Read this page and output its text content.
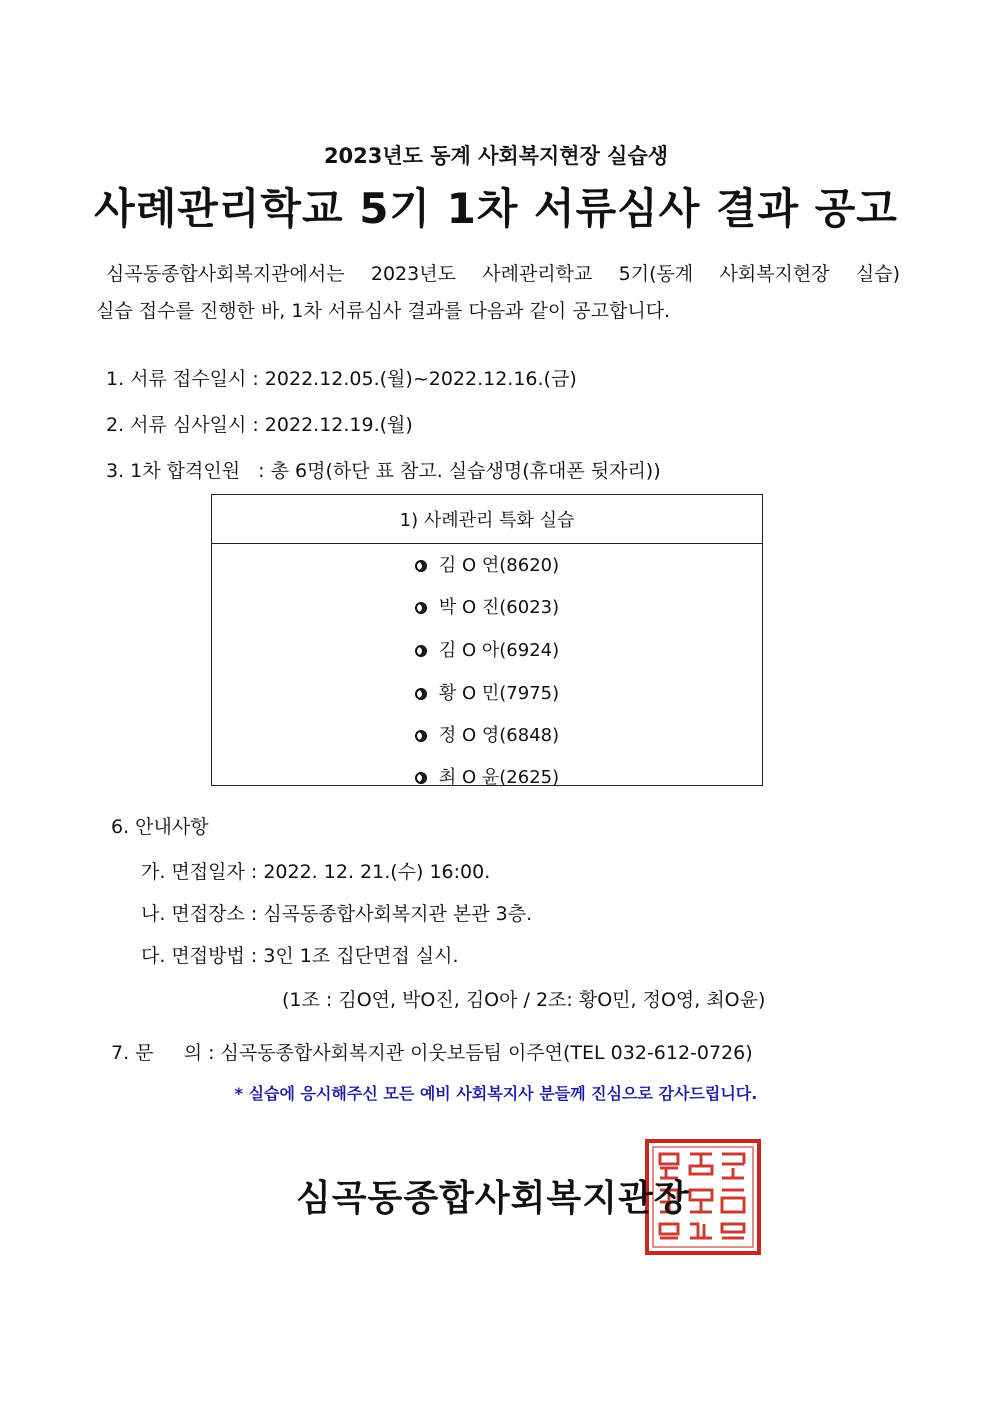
2023년도 동계 사회복지현장 실습생
사례관리학교 5기 1차 서류심사 결과 공고
심곡동종합사회복지관에서는 2023년도 사례관리학교 5기(동계 사회복지현장 실습)
실습 접수를 진행한 바, 1차 서류심사 결과를 다음과 같이 공고합니다.
1. 서류 접수일시 : 2022.12.05.(월)~2022.12.16.(금)
2. 서류 심사일시 : 2022.12.19.(월)
3. 1차 합격인원   : 총 6명(하단 표 참고. 실습생명(휴대폰 뒷자리))
1) 사례관리 특화 실습
김 O 연(8620)
박 O 진(6023)
김 O 아(6924)
황 O 민(7975)
정 O 영(6848)
최 O 윤(2625)
6. 안내사항
가. 면접일자 : 2022. 12. 21.(수) 16:00.
나. 면접장소 : 심곡동종합사회복지관 본관 3층.
다. 면접방법 : 3인 1조 집단면접 실시.
(1조 : 김O연, 박O진, 김O아 / 2조: 황O민, 정O영, 최O윤)
7. 문     의 : 심곡동종합사회복지관 이웃보듬팀 이주연(TEL 032-612-0726)
* 실습에 응시해주신 모든 예비 사회복지사 분들께 진심으로 감사드립니다.
심곡동종합사회복지관장
